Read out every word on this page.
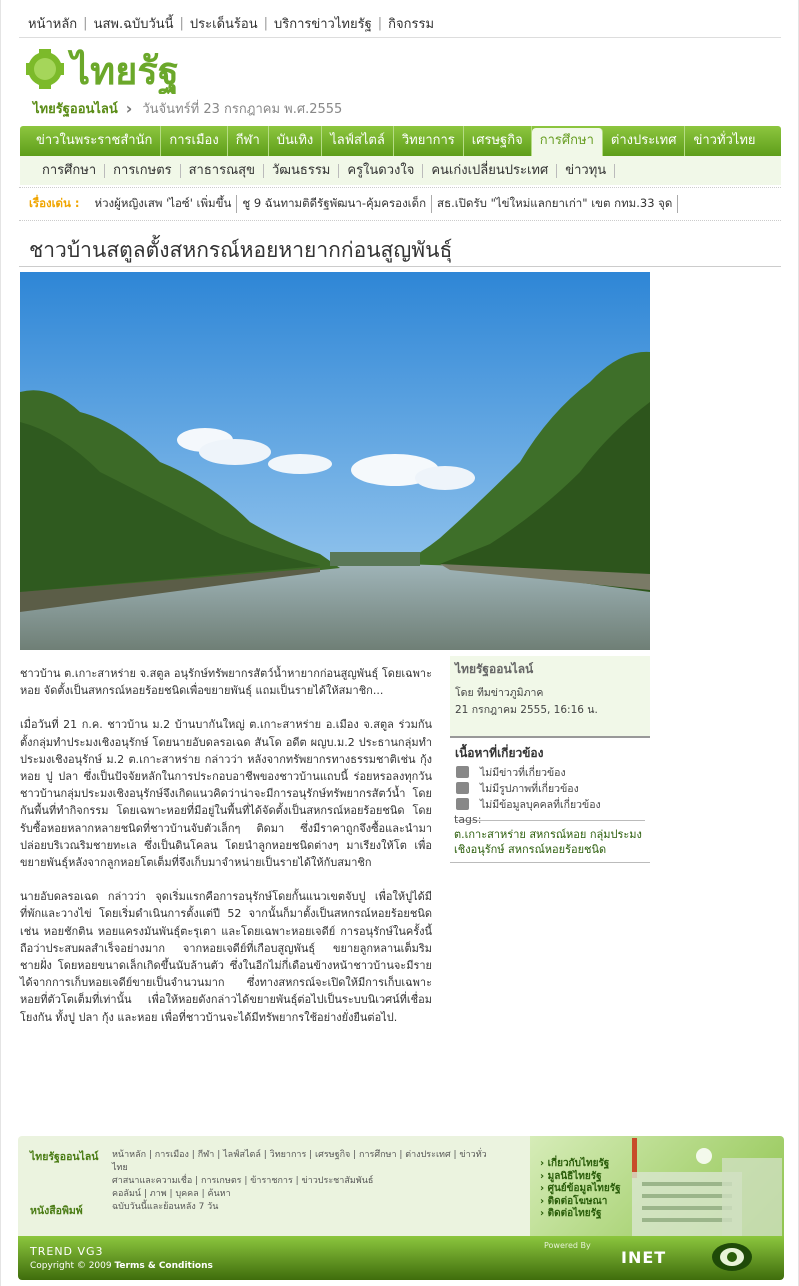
หน้าหลัก | นสพ.ฉบับวันนี้ | ประเด็นร้อน | บริการข่าวไทยรัฐ | กิจกรรม
ไทยรัฐ
ไทยรัฐออนไลน์ › วันจันทร์ที่ 23 กรกฎาคม พ.ศ.2555
ข่าวในพระราชสำนัก	การเมือง	กีฬา	บันเทิง	ไลฟ์สไตล์	วิทยาการ	เศรษฐกิจ	การศึกษา	ต่างประเทศ	ข่าวทั่วไทย
การศึกษา	การเกษตร	สาธารณสุข	วัฒนธรรม	ครูในดวงใจ	คนเก่งเปลี่ยนประเทศ	ข่าวทุน
เรื่องเด่น :	ห่วงผู้หญิงเสพ 'ไอซ์' เพิ่มขึ้น ชู 9 ฉันทามติดีรัฐพัฒนา-คุ้มครองเด็ก สธ.เปิดรับ "ไข่ใหม่แลกยาเก่า" เขต กทม.33 จุด
ชาวบ้านสตูลตั้งสหกรณ์หอยหายากก่อนสูญพันธุ์

ชาวบ้าน ต.เกาะสาหร่าย จ.สตูล อนุรักษ์ทรัพยากรสัตว์น้ำหายากก่อนสูญพันธุ์ โดยเฉพาะหอย จัดตั้งเป็นสหกรณ์หอยร้อยชนิดเพื่อขยายพันธุ์ แถมเป็นรายได้ให้สมาชิก...

เมื่อวันที่ 21 ก.ค. ชาวบ้าน ม.2 บ้านบากันใหญ่ ต.เกาะสาหร่าย อ.เมือง จ.สตูล ร่วมกันตั้งกลุ่มทำประมงเชิงอนุรักษ์ โดยนายอับดลรอเฉด สันโด อดีต ผญบ.ม.2 ประธานกลุ่มทำประมงเชิงอนุรักษ์ ม.2 ต.เกาะสาหร่าย กล่าวว่า หลังจากทรัพยากรทางธรรมชาติเช่น กุ้ง หอย ปู ปลา ซึ่งเป็นปัจจัยหลักในการประกอบอาชีพของชาวบ้านแถบนี้ ร่อยหรอลงทุกวัน ชาวบ้านกลุ่มประมงเชิงอนุรักษ์จึงเกิดแนวคิดว่าน่าจะมีการอนุรักษ์ทรัพยากรสัตว์น้ำ โดยกันพื้นที่ทำกิจกรรม โดยเฉพาะหอยที่มีอยู่ในพื้นที่ได้จัดตั้งเป็นสหกรณ์หอยร้อยชนิด โดยรับซื้อหอยหลากหลายชนิดที่ชาวบ้านจับตัวเล็กๆ ติดมา ซึ่งมีราคาถูกจึงซื้อและนำมาปล่อยบริเวณริมชายทะเล ซึ่งเป็นดินโคลน โดยนำลูกหอยชนิดต่างๆ มาเรียงให้โต เพื่อขยายพันธุ์หลังจากลูกหอยโตเต็มที่จึงเก็บมาจำหน่ายเป็นรายได้ให้กับสมาชิก

นายอับดลรอเฉด กล่าวว่า จุดเริ่มแรกคือการอนุรักษ์โดยกั้นแนวเขตจับปู เพื่อให้ปูได้มีที่พักและวางไข่ โดยเริ่มดำเนินการตั้งแต่ปี 52 จากนั้นก็มาตั้งเป็นสหกรณ์หอยร้อยชนิด เช่น หอยชักติน หอยแครงมันพันธุ์ตะรุเตา และโดยเฉพาะหอยเจดีย์ การอนุรักษ์ในครั้งนี้ถือว่าประสบผลสำเร็จอย่างมาก จากหอยเจดีย์ที่เกือบสูญพันธุ์ ขยายลูกหลานเต็มริมชายฝั่ง โดยหอยขนาดเล็กเกิดขึ้นนับล้านตัว ซึ่งในอีกไม่กี่เดือนข้างหน้าชาวบ้านจะมีรายได้จากการเก็บหอยเจดีย์ขายเป็นจำนวนมาก ซึ่งทางสหกรณ์จะเปิดให้มีการเก็บเฉพาะหอยที่ตัวโตเต็มที่เท่านั้น เพื่อให้หอยดังกล่าวได้ขยายพันธุ์ต่อไปเป็นระบบนิเวศน์ที่เชื่อมโยงกัน ทั้งปู ปลา กุ้ง และหอย เพื่อที่ชาวบ้านจะได้มีทรัพยากรใช้อย่างยั่งยืนต่อไป.

ไทยรัฐออนไลน์
โดย ทีมข่าวภูมิภาค
21 กรกฎาคม 2555, 16:16 น.
เนื้อหาที่เกี่ยวข้อง
ไม่มีข่าวที่เกี่ยวข้อง
ไม่มีรูปภาพที่เกี่ยวข้อง
ไม่มีข้อมูลบุคคลที่เกี่ยวข้อง
tags:
ต.เกาะสาหร่าย สหกรณ์หอย กลุ่มประมงเชิงอนุรักษ์ สหกรณ์หอยร้อยชนิด
ไทยรัฐออนไลน์
หนังสือพิมพ์
หน้าหลัก | การเมือง | กีฬา | ไลฟ์สไตล์ | วิทยาการ | เศรษฐกิจ | การศึกษา | ต่างประเทศ | ข่าวทั่วไทย
ศาสนาและความเชื่อ | การเกษตร | ข้าราชการ | ข่าวประชาสัมพันธ์
คอลัมน์ | ภาพ | บุคคล | ค้นหา
ฉบับวันนี้และย้อนหลัง 7 วัน
› เกี่ยวกับไทยรัฐ
› มูลนิธิไทยรัฐ
› ศูนย์ข้อมูลไทยรัฐ
› ติดต่อโฆษณา
› ติดต่อไทยรัฐ
TREND VG3
Copyright © 2009 Terms & Conditions
Powered By
INET
